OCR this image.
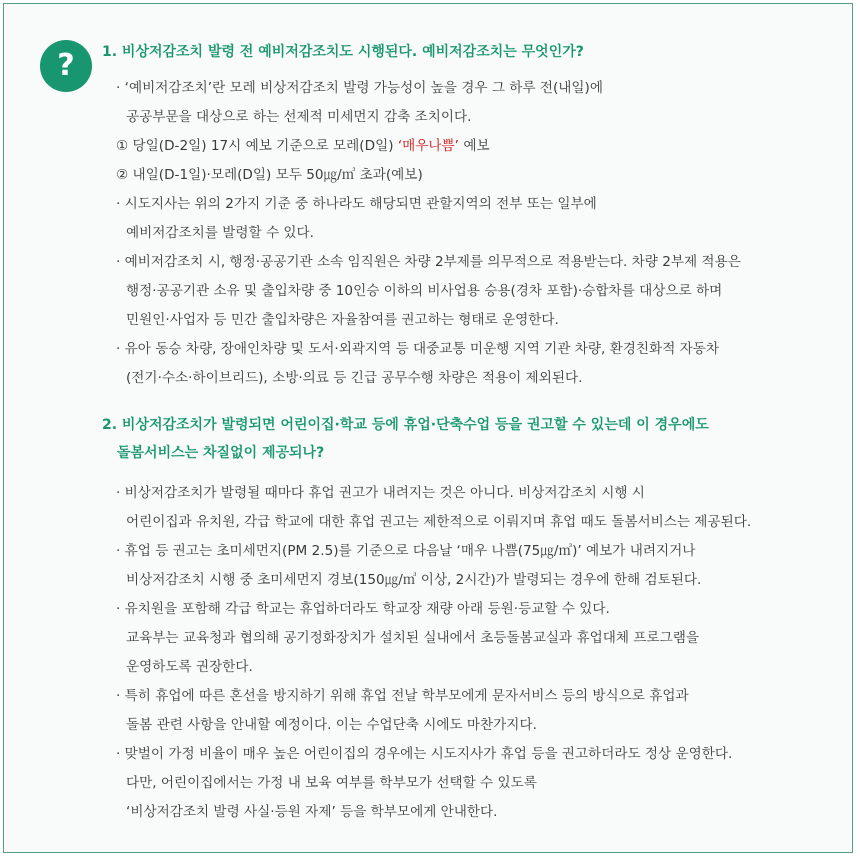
?	1. 비상저감조치 발령 전 예비저감조치도 시행된다. 예비저감조치는 무엇인가?
· ‘예비저감조치’란 모레 비상저감조치 발령 가능성이 높을 경우 그 하루 전(내일)에
공공부문을 대상으로 하는 선제적 미세먼지 감축 조치이다.
① 당일(D-2일) 17시 예보 기준으로 모레(D일) ‘매우나쁨’ 예보
② 내일(D-1일)·모레(D일) 모두 50㎍/㎥ 초과(예보)
· 시도지사는 위의 2가지 기준 중 하나라도 해당되면 관할지역의 전부 또는 일부에
예비저감조치를 발령할 수 있다.
· 예비저감조치 시, 행정·공공기관 소속 임직원은 차량 2부제를 의무적으로 적용받는다. 차량 2부제 적용은
행정·공공기관 소유 및 출입차량 중 10인승 이하의 비사업용 승용(경차 포함)·승합차를 대상으로 하며
민원인·사업자 등 민간 출입차량은 자율참여를 권고하는 형태로 운영한다.
· 유아 동승 차량, 장애인차량 및 도서·외곽지역 등 대중교통 미운행 지역 기관 차량, 환경친화적 자동차
(전기·수소·하이브리드), 소방·의료 등 긴급 공무수행 차량은 적용이 제외된다.
2. 비상저감조치가 발령되면 어린이집·학교 등에 휴업·단축수업 등을 권고할 수 있는데 이 경우에도
돌봄서비스는 차질없이 제공되나?
· 비상저감조치가 발령될 때마다 휴업 권고가 내려지는 것은 아니다. 비상저감조치 시행 시
어린이집과 유치원, 각급 학교에 대한 휴업 권고는 제한적으로 이뤄지며 휴업 때도 돌봄서비스는 제공된다.
· 휴업 등 권고는 초미세먼지(PM 2.5)를 기준으로 다음날 ‘매우 나쁨(75㎍/㎥)’ 예보가 내려지거나
비상저감조치 시행 중 초미세먼지 경보(150㎍/㎥ 이상, 2시간)가 발령되는 경우에 한해 검토된다.
· 유치원을 포함해 각급 학교는 휴업하더라도 학교장 재량 아래 등원·등교할 수 있다.
교육부는 교육청과 협의해 공기정화장치가 설치된 실내에서 초등돌봄교실과 휴업대체 프로그램을
운영하도록 권장한다.
· 특히 휴업에 따른 혼선을 방지하기 위해 휴업 전날 학부모에게 문자서비스 등의 방식으로 휴업과
돌봄 관련 사항을 안내할 예정이다. 이는 수업단축 시에도 마찬가지다.
· 맞벌이 가정 비율이 매우 높은 어린이집의 경우에는 시도지사가 휴업 등을 권고하더라도 정상 운영한다.
다만, 어린이집에서는 가정 내 보육 여부를 학부모가 선택할 수 있도록
‘비상저감조치 발령 사실·등원 자제’ 등을 학부모에게 안내한다.
